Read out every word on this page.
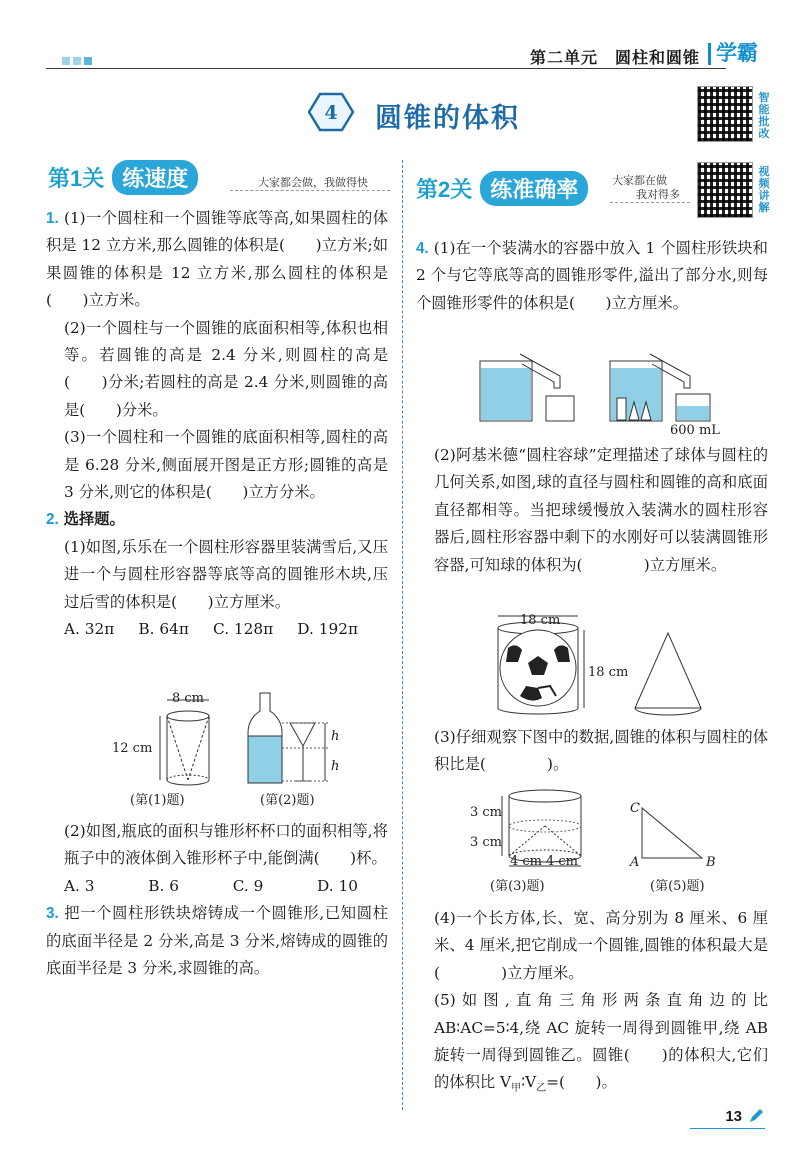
第二单元　圆柱和圆锥 学霸
4 圆锥的体积
智能批改
视频讲解
第1关 练速度	大家都会做，我做得快 第2关 练准确率	大家都在做
我对得多

1. (1)一个圆柱和一个圆锥等底等高,如果圆柱的体积是 12 立方米,那么圆锥的体积是(　　)立方米;如果圆锥的体积是 12 立方米,那么圆柱的体积是(　　)立方米。

(2)一个圆柱与一个圆锥的底面积相等,体积也相等。若圆锥的高是 2.4 分米,则圆柱的高是(　　)分米;若圆柱的高是 2.4 分米,则圆锥的高是(　　)分米。

(3)一个圆柱和一个圆锥的底面积相等,圆柱的高是 6.28 分米,侧面展开图是正方形;圆锥的高是 3 分米,则它的体积是(　　)立方分米。

2. 选择题。

(1)如图,乐乐在一个圆柱形容器里装满雪后,又压进一个与圆柱形容器等底等高的圆锥形木块,压过后雪的体积是(　　)立方厘米。

A. 32π B. 64π C. 128π D. 192π
8 cm
12 cm
h
h
(第(1)题)	(第(2)题)

(2)如图,瓶底的面积与锥形杯杯口的面积相等,将瓶子中的液体倒入锥形杯子中,能倒满(　　)杯。

A. 3	B. 6	C. 9	D. 10

3. 把一个圆柱形铁块熔铸成一个圆锥形,已知圆柱的底面半径是 2 分米,高是 3 分米,熔铸成的圆锥的底面半径是 3 分米,求圆锥的高。

4. (1)在一个装满水的容器中放入 1 个圆柱形铁块和 2 个与它等底等高的圆锥形零件,溢出了部分水,则每个圆锥形零件的体积是(　　)立方厘米。

600 mL

(2)阿基米德“圆柱容球”定理描述了球体与圆柱的几何关系,如图,球的直径与圆柱和圆锥的高和底面直径都相等。当把球缓慢放入装满水的圆柱形容器后,圆柱形容器中剩下的水刚好可以装满圆锥形容器,可知球的体积为(　　　　)立方厘米。

18 cm
18 cm

(3)仔细观察下图中的数据,圆锥的体积与圆柱的体积比是(　　　　)。

3 cm
3 cm
4 cm 4 cm
C
A	B
(第(3)题)	(第(5)题)

(4)一个长方体,长、宽、高分别为 8 厘米、6 厘米、4 厘米,把它削成一个圆锥,圆锥的体积最大是(　　　　)立方厘米。

(5)如图,直角三角形两条直角边的比 AB∶AC=5∶4,绕 AC 旋转一周得到圆锥甲,绕 AB 旋转一周得到圆锥乙。圆锥(　　)的体积大,它们的体积比 $V_甲∶V_乙=$(　　)。

13
